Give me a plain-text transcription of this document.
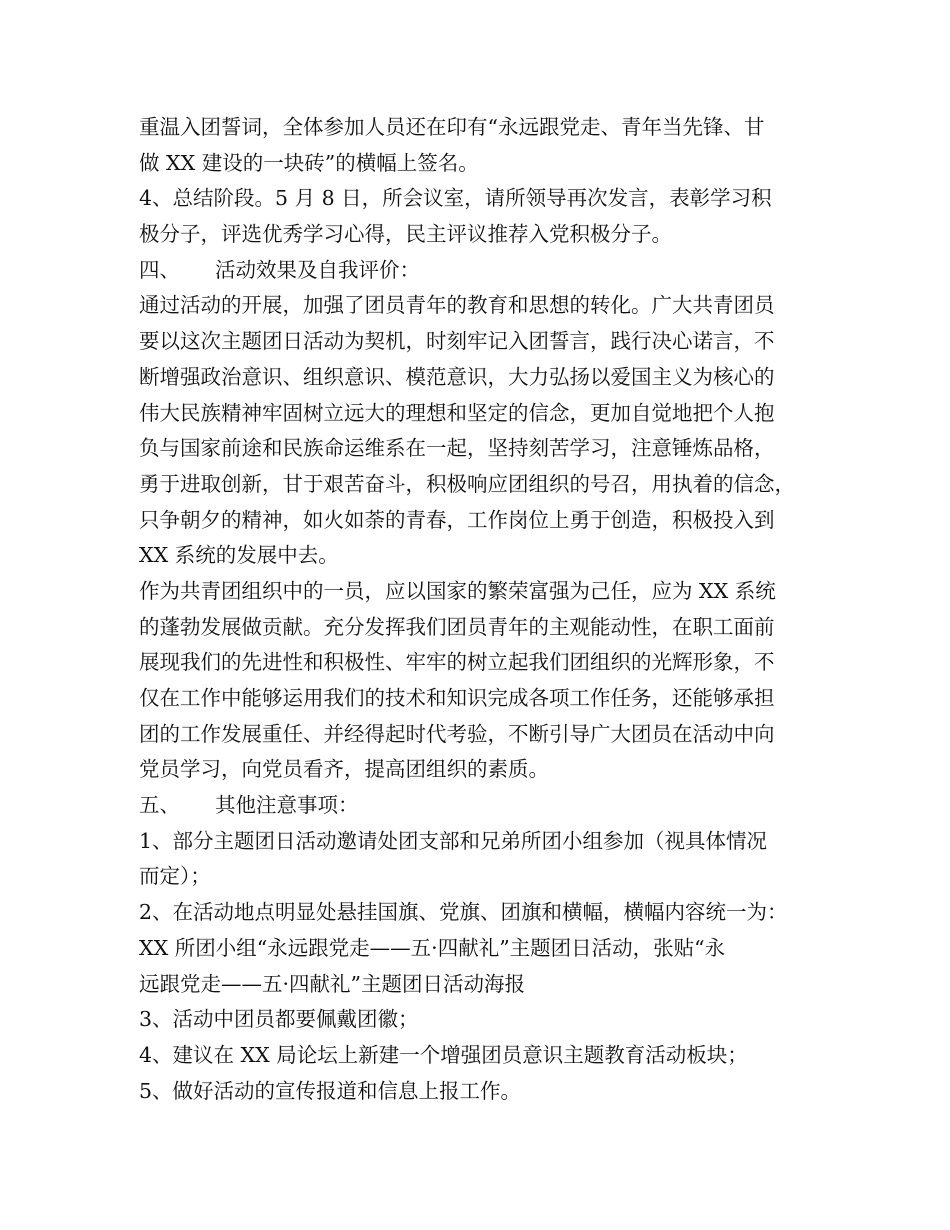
重温入团誓词，全体参加人员还在印有“永远跟党走、青年当先锋、甘
做 XX 建设的一块砖”的横幅上签名。
4、总结阶段。5 月 8 日，所会议室，请所领导再次发言，表彰学习积
极分子，评选优秀学习心得，民主评议推荐入党积极分子。
四、 活动效果及自我评价：
通过活动的开展，加强了团员青年的教育和思想的转化。广大共青团员
要以这次主题团日活动为契机，时刻牢记入团誓言，践行决心诺言，不
断增强政治意识、组织意识、模范意识，大力弘扬以爱国主义为核心的
伟大民族精神牢固树立远大的理想和坚定的信念，更加自觉地把个人抱
负与国家前途和民族命运维系在一起，坚持刻苦学习，注意锤炼品格，
勇于进取创新，甘于艰苦奋斗，积极响应团组织的号召，用执着的信念，
只争朝夕的精神，如火如荼的青春，工作岗位上勇于创造，积极投入到
XX 系统的发展中去。
作为共青团组织中的一员，应以国家的繁荣富强为己任，应为 XX 系统
的蓬勃发展做贡献。充分发挥我们团员青年的主观能动性，在职工面前
展现我们的先进性和积极性、牢牢的树立起我们团组织的光辉形象，不
仅在工作中能够运用我们的技术和知识完成各项工作任务，还能够承担
团的工作发展重任、并经得起时代考验，不断引导广大团员在活动中向
党员学习，向党员看齐，提高团组织的素质。
五、 其他注意事项：
1、部分主题团日活动邀请处团支部和兄弟所团小组参加（视具体情况
而定）；
2、在活动地点明显处悬挂国旗、党旗、团旗和横幅，横幅内容统一为：
XX 所团小组“永远跟党走——五·四献礼”主题团日活动，张贴“永
远跟党走——五·四献礼”主题团日活动海报
3、活动中团员都要佩戴团徽；
4、建议在 XX 局论坛上新建一个增强团员意识主题教育活动板块；
5、做好活动的宣传报道和信息上报工作。
